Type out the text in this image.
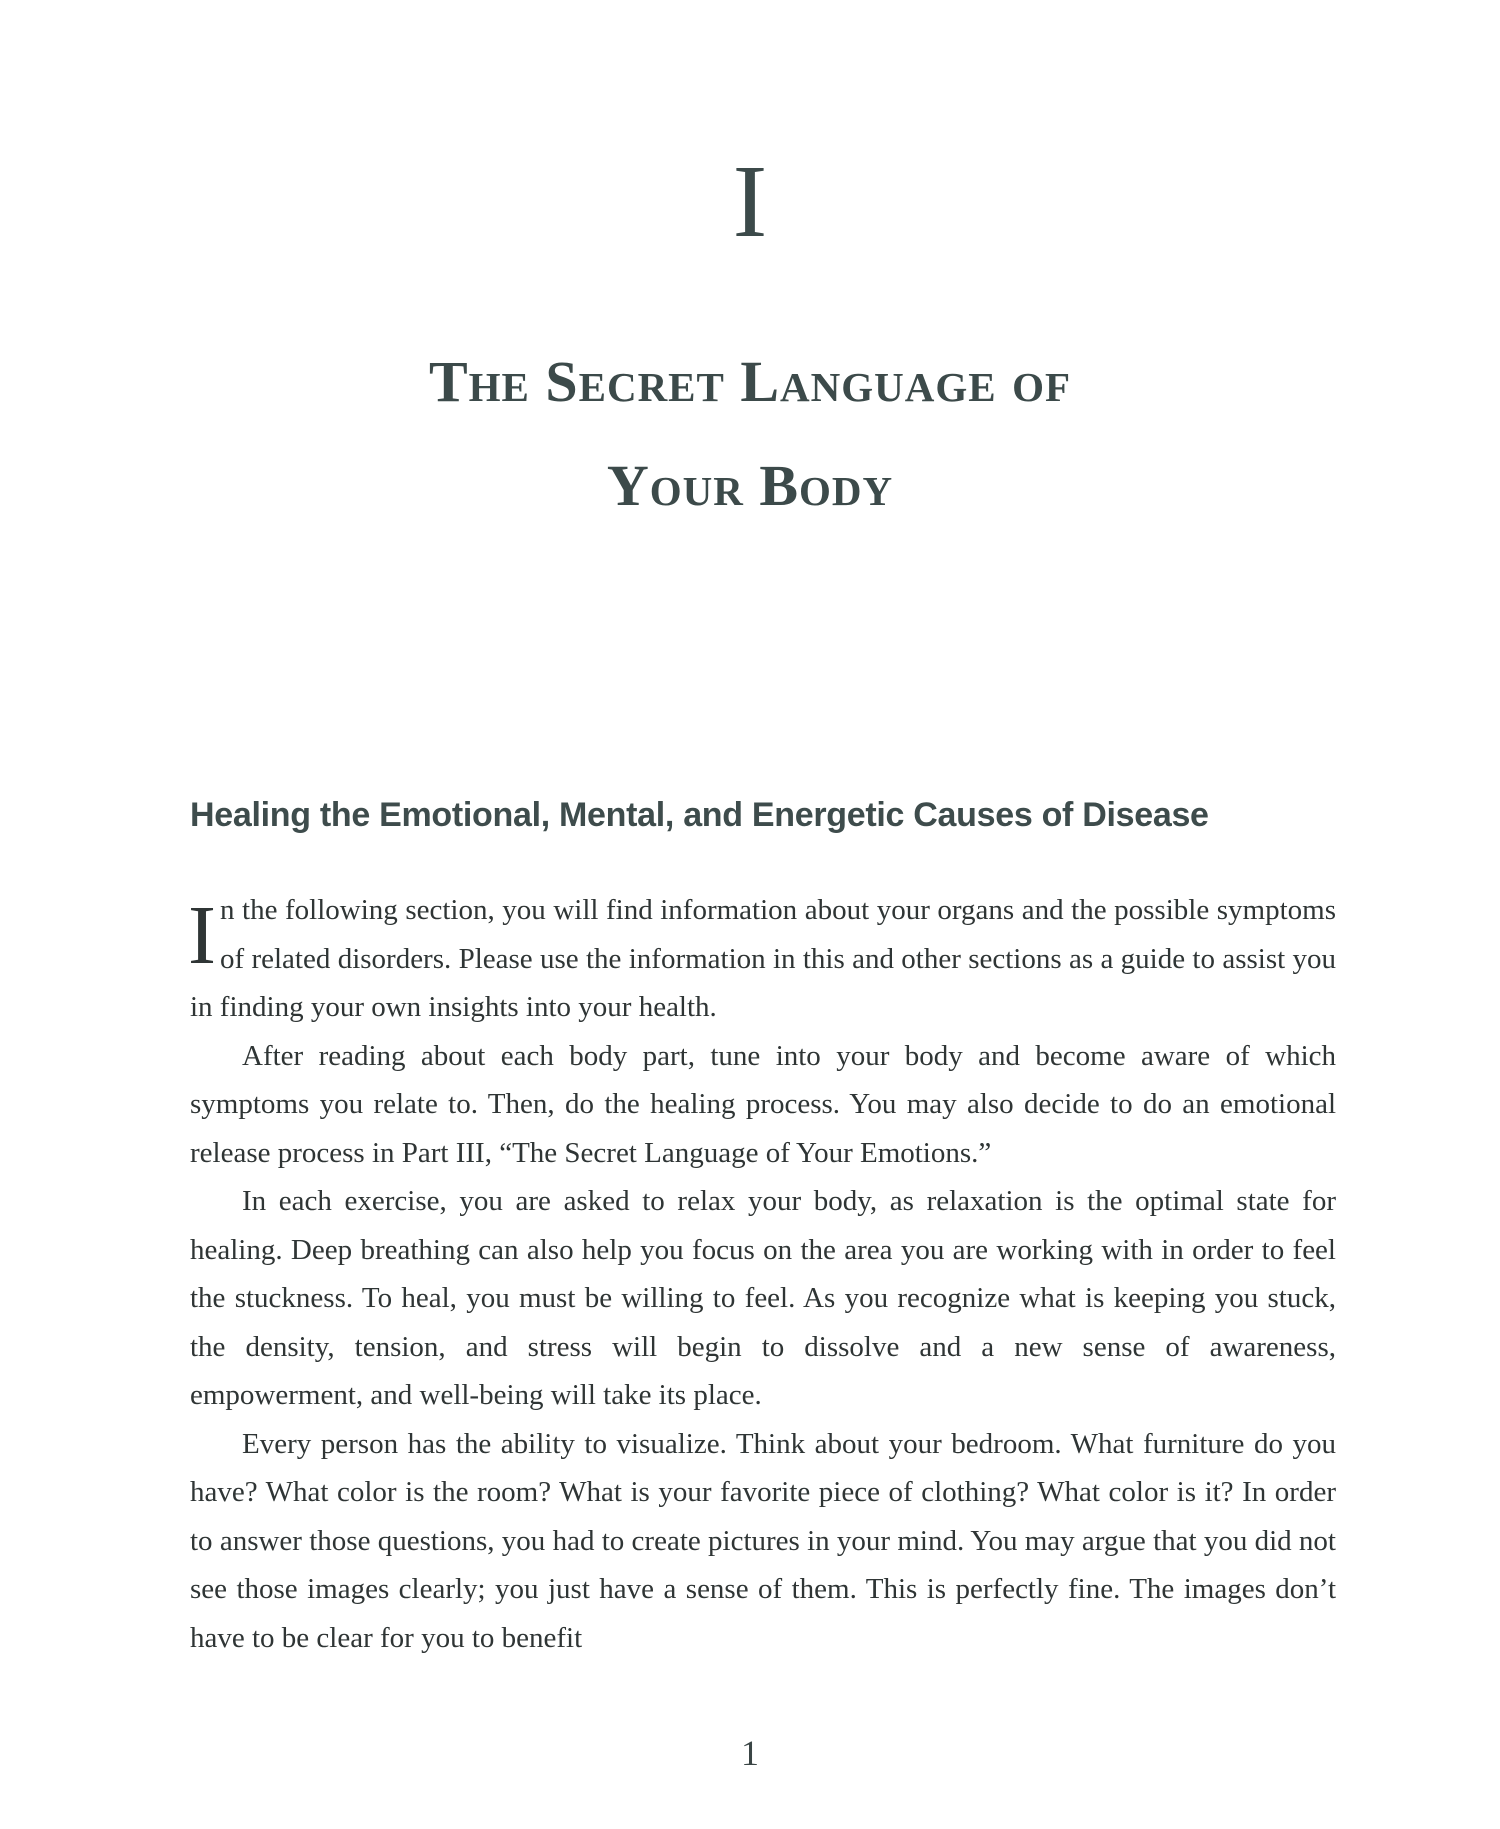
I
The Secret Language of
Your Body
Healing the Emotional, Mental, and Energetic Causes of Disease

In the following section, you will find information about your organs and the possible symptoms of related disorders. Please use the information in this and other sections as a guide to assist you in finding your own insights into your health.

After reading about each body part, tune into your body and become aware of which symptoms you relate to. Then, do the healing process. You may also decide to do an emotional release process in Part III, “The Secret Language of Your Emotions.”

In each exercise, you are asked to relax your body, as relaxation is the optimal state for healing. Deep breathing can also help you focus on the area you are working with in order to feel the stuckness. To heal, you must be willing to feel. As you recognize what is keeping you stuck, the density, tension, and stress will begin to dissolve and a new sense of awareness, empowerment, and well-being will take its place.

Every person has the ability to visualize. Think about your bedroom. What furniture do you have? What color is the room? What is your favorite piece of clothing? What color is it? In order to answer those questions, you had to create pictures in your mind. You may argue that you did not see those images clearly; you just have a sense of them. This is perfectly fine. The images don’t have to be clear for you to benefit

1
